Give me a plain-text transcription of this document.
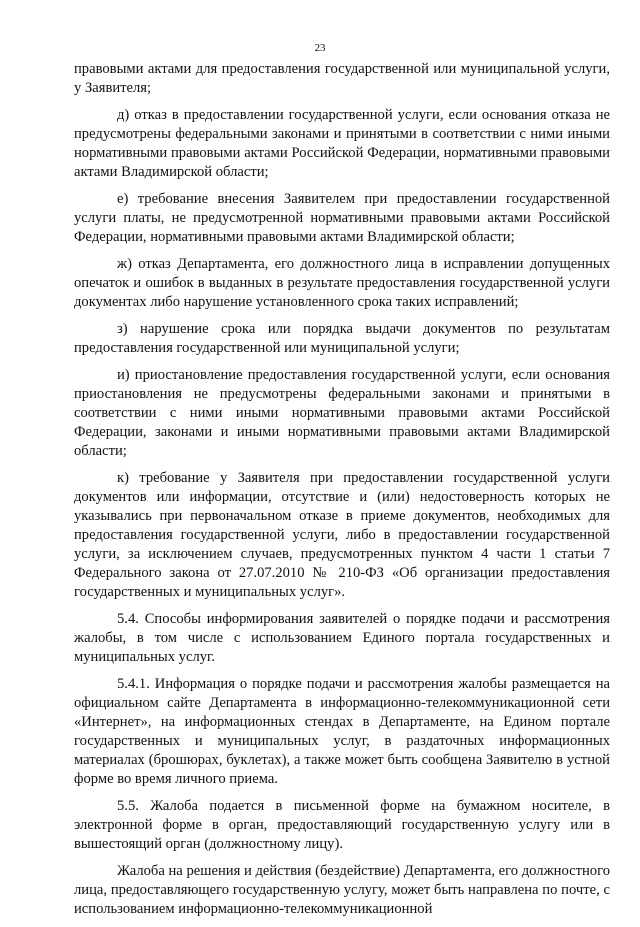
23

правовыми актами для предоставления государственной или муниципальной услуги, у Заявителя;

д) отказ в предоставлении государственной услуги, если основания отказа не предусмотрены федеральными законами и принятыми в соответствии с ними иными нормативными правовыми актами Российской Федерации, нормативными правовыми актами Владимирской области;

е) требование внесения Заявителем при предоставлении государственной услуги платы, не предусмотренной нормативными правовыми актами Российской Федерации, нормативными правовыми актами Владимирской области;

ж) отказ Департамента, его должностного лица в исправлении допущенных опечаток и ошибок в выданных в результате предоставления государственной услуги документах либо нарушение установленного срока таких исправлений;

з) нарушение срока или порядка выдачи документов по результатам предоставления государственной или муниципальной услуги;

и) приостановление предоставления государственной услуги, если основания приостановления не предусмотрены федеральными законами и принятыми в соответствии с ними иными нормативными правовыми актами Российской Федерации, законами и иными нормативными правовыми актами Владимирской области;

к) требование у Заявителя при предоставлении государственной услуги документов или информации, отсутствие и (или) недостоверность которых не указывались при первоначальном отказе в приеме документов, необходимых для предоставления государственной услуги, либо в предоставлении государственной услуги, за исключением случаев, предусмотренных пунктом 4 части 1 статьи 7 Федерального закона от 27.07.2010 № 210-ФЗ «Об организации предоставления государственных и муниципальных услуг».

5.4. Способы информирования заявителей о порядке подачи и рассмотрения жалобы, в том числе с использованием Единого портала государственных и муниципальных услуг.

5.4.1. Информация о порядке подачи и рассмотрения жалобы размещается на официальном сайте Департамента в информационно-телекоммуникационной сети «Интернет», на информационных стендах в Департаменте, на Едином портале государственных и муниципальных услуг, в раздаточных информационных материалах (брошюрах, буклетах), а также может быть сообщена Заявителю в устной форме во время личного приема.

5.5. Жалоба подается в письменной форме на бумажном носителе, в электронной форме в орган, предоставляющий государственную услугу или в вышестоящий орган (должностному лицу).

Жалоба на решения и действия (бездействие) Департамента, его должностного лица, предоставляющего государственную услугу, может быть направлена по почте, с использованием информационно-телекоммуникационной
